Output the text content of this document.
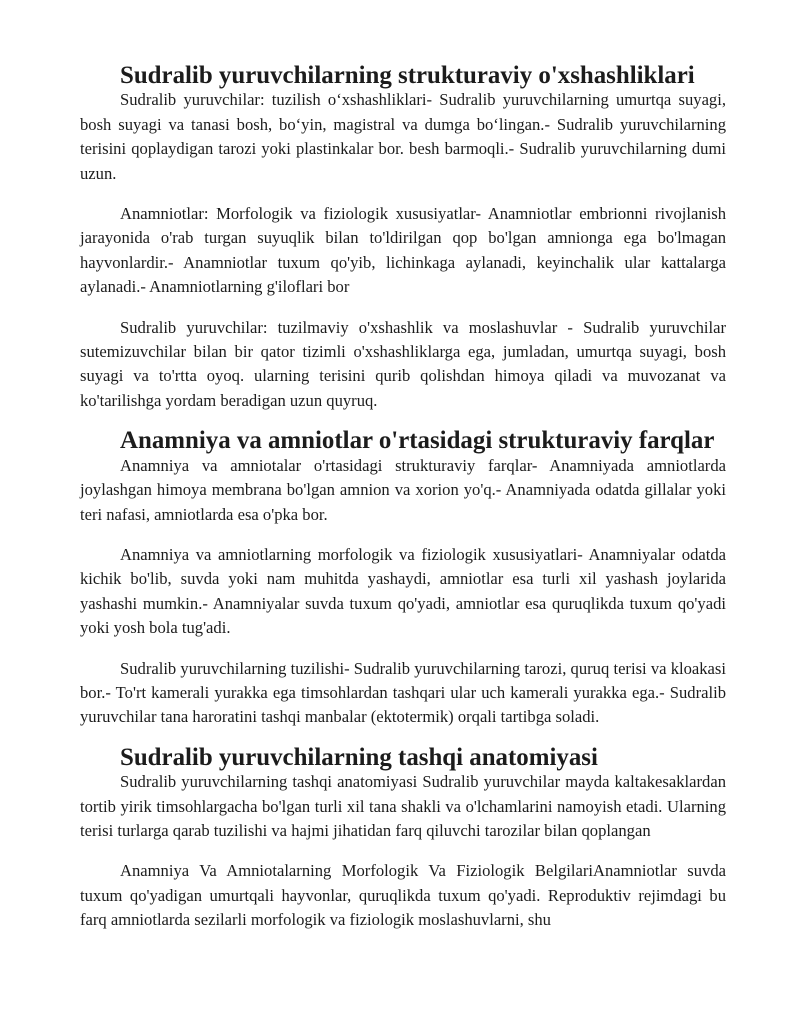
Sudralib yuruvchilarning strukturaviy o'xshashliklari

Sudralib yuruvchilar: tuzilish o‘xshashliklari- Sudralib yuruvchilarning umurtqa suyagi, bosh suyagi va tanasi bosh, bo‘yin, magistral va dumga bo‘lingan.- Sudralib yuruvchilarning terisini qoplaydigan tarozi yoki plastinkalar bor. besh barmoqli.- Sudralib yuruvchilarning dumi uzun.

Anamniotlar: Morfologik va fiziologik xususiyatlar- Anamniotlar embrionni rivojlanish jarayonida o'rab turgan suyuqlik bilan to'ldirilgan qop bo'lgan amnionga ega bo'lmagan hayvonlardir.- Anamniotlar tuxum qo'yib, lichinkaga aylanadi, keyinchalik ular kattalarga aylanadi.- Anamniotlarning g'iloflari bor

Sudralib yuruvchilar: tuzilmaviy o'xshashlik va moslashuvlar - Sudralib yuruvchilar sutemizuvchilar bilan bir qator tizimli o'xshashliklarga ega, jumladan, umurtqa suyagi, bosh suyagi va to'rtta oyoq. ularning terisini qurib qolishdan himoya qiladi va muvozanat va ko'tarilishga yordam beradigan uzun quyruq.

Anamniya va amniotlar o'rtasidagi strukturaviy farqlar

Anamniya va amniotalar o'rtasidagi strukturaviy farqlar- Anamniyada amniotlarda joylashgan himoya membrana bo'lgan amnion va xorion yo'q.- Anamniyada odatda gillalar yoki teri nafasi, amniotlarda esa o'pka bor.

Anamniya va amniotlarning morfologik va fiziologik xususiyatlari- Anamniyalar odatda kichik bo'lib, suvda yoki nam muhitda yashaydi, amniotlar esa turli xil yashash joylarida yashashi mumkin.- Anamniyalar suvda tuxum qo'yadi, amniotlar esa quruqlikda tuxum qo'yadi yoki yosh bola tug'adi.

Sudralib yuruvchilarning tuzilishi- Sudralib yuruvchilarning tarozi, quruq terisi va kloakasi bor.- To'rt kamerali yurakka ega timsohlardan tashqari ular uch kamerali yurakka ega.- Sudralib yuruvchilar tana haroratini tashqi manbalar (ektotermik) orqali tartibga soladi.

Sudralib yuruvchilarning tashqi anatomiyasi

Sudralib yuruvchilarning tashqi anatomiyasi Sudralib yuruvchilar mayda kaltakesaklardan tortib yirik timsohlargacha bo'lgan turli xil tana shakli va o'lchamlarini namoyish etadi. Ularning terisi turlarga qarab tuzilishi va hajmi jihatidan farq qiluvchi tarozilar bilan qoplangan

Anamniya Va Amniotalarning Morfologik Va Fiziologik BelgilariAnamniotlar suvda tuxum qo'yadigan umurtqali hayvonlar, quruqlikda tuxum qo'yadi. Reproduktiv rejimdagi bu farq amniotlarda sezilarli morfologik va fiziologik moslashuvlarni, shu
